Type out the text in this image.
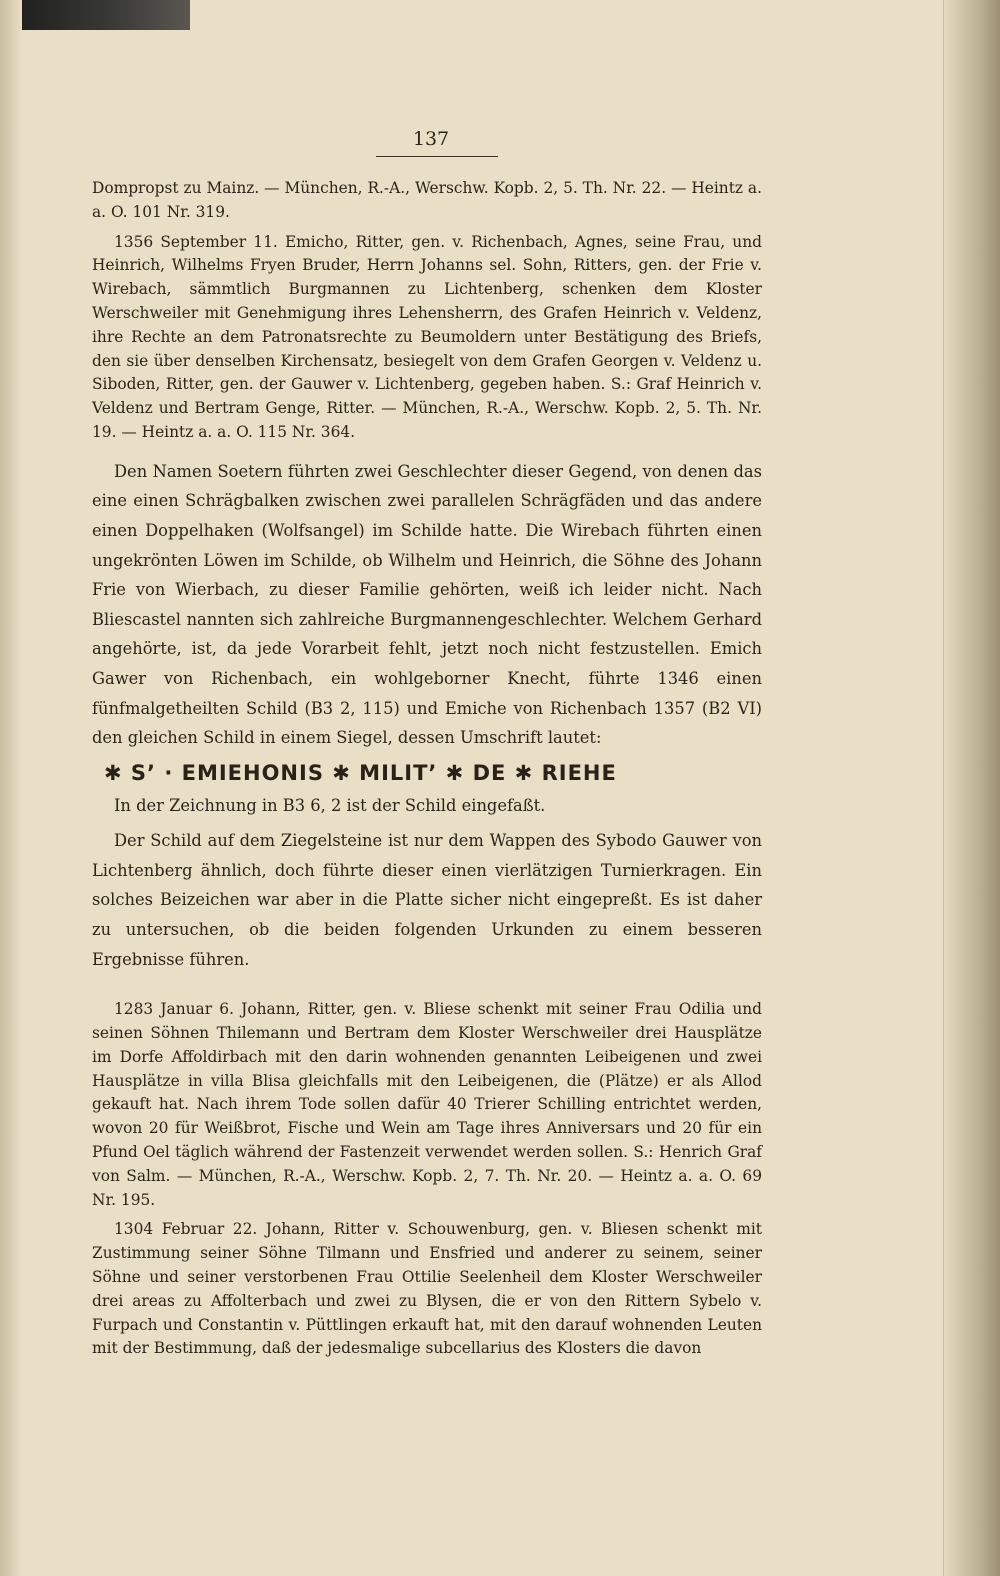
137

Dompropst zu Mainz. — München, R.-A., Werschw. Kopb. 2, 5. Th. Nr. 22. — Heintz a. a. O. 101 Nr. 319.

1356 September 11. Emicho, Ritter, gen. v. Richenbach, Agnes, seine Frau, und Heinrich, Wilhelms Fryen Bruder, Herrn Johanns sel. Sohn, Ritters, gen. der Frie v. Wirebach, sämmtlich Burgmannen zu Lichtenberg, schenken dem Kloster Werschweiler mit Genehmigung ihres Lehensherrn, des Grafen Heinrich v. Veldenz, ihre Rechte an dem Patronatsrechte zu Beumoldern unter Bestätigung des Briefs, den sie über denselben Kirchensatz, besiegelt von dem Grafen Georgen v. Veldenz u. Siboden, Ritter, gen. der Gauwer v. Lichtenberg, gegeben haben. S.: Graf Heinrich v. Veldenz und Bertram Genge, Ritter. — München, R.-A., Werschw. Kopb. 2, 5. Th. Nr. 19. — Heintz a. a. O. 115 Nr. 364.

Den Namen Soetern führten zwei Geschlechter dieser Gegend, von denen das eine einen Schrägbalken zwischen zwei parallelen Schrägfäden und das andere einen Doppelhaken (Wolfsangel) im Schilde hatte. Die Wirebach führten einen ungekrönten Löwen im Schilde, ob Wilhelm und Heinrich, die Söhne des Johann Frie von Wierbach, zu dieser Familie gehörten, weiß ich leider nicht. Nach Bliescastel nannten sich zahlreiche Burgmannengeschlechter. Welchem Gerhard angehörte, ist, da jede Vorarbeit fehlt, jetzt noch nicht festzustellen. Emich Gawer von Richenbach, ein wohlgeborner Knecht, führte 1346 einen fünfmalgetheilten Schild (B3 2, 115) und Emiche von Richenbach 1357 (B2 VI) den gleichen Schild in einem Siegel, dessen Umschrift lautet:

✱ S’ · EMIEHONIS ✱ MILIT’ ✱ DE ✱ RIEHE

In der Zeichnung in B3 6, 2 ist der Schild eingefaßt.

Der Schild auf dem Ziegelsteine ist nur dem Wappen des Sybodo Gauwer von Lichtenberg ähnlich, doch führte dieser einen vierlätzigen Turnierkragen. Ein solches Beizeichen war aber in die Platte sicher nicht eingepreßt. Es ist daher zu untersuchen, ob die beiden folgenden Urkunden zu einem besseren Ergebnisse führen.

1283 Januar 6. Johann, Ritter, gen. v. Bliese schenkt mit seiner Frau Odilia und seinen Söhnen Thilemann und Bertram dem Kloster Werschweiler drei Hausplätze im Dorfe Affoldirbach mit den darin wohnenden genannten Leibeigenen und zwei Hausplätze in villa Blisa gleichfalls mit den Leibeigenen, die (Plätze) er als Allod gekauft hat. Nach ihrem Tode sollen dafür 40 Trierer Schilling entrichtet werden, wovon 20 für Weißbrot, Fische und Wein am Tage ihres Anniversars und 20 für ein Pfund Oel täglich während der Fastenzeit verwendet werden sollen. S.: Henrich Graf von Salm. — München, R.-A., Werschw. Kopb. 2, 7. Th. Nr. 20. — Heintz a. a. O. 69 Nr. 195.

1304 Februar 22. Johann, Ritter v. Schouwenburg, gen. v. Bliesen schenkt mit Zustimmung seiner Söhne Tilmann und Ensfried und anderer zu seinem, seiner Söhne und seiner verstorbenen Frau Ottilie Seelenheil dem Kloster Werschweiler drei areas zu Affolterbach und zwei zu Blysen, die er von den Rittern Sybelo v. Furpach und Constantin v. Püttlingen erkauft hat, mit den darauf wohnenden Leuten mit der Bestimmung, daß der jedesmalige subcellarius des Klosters die davon
